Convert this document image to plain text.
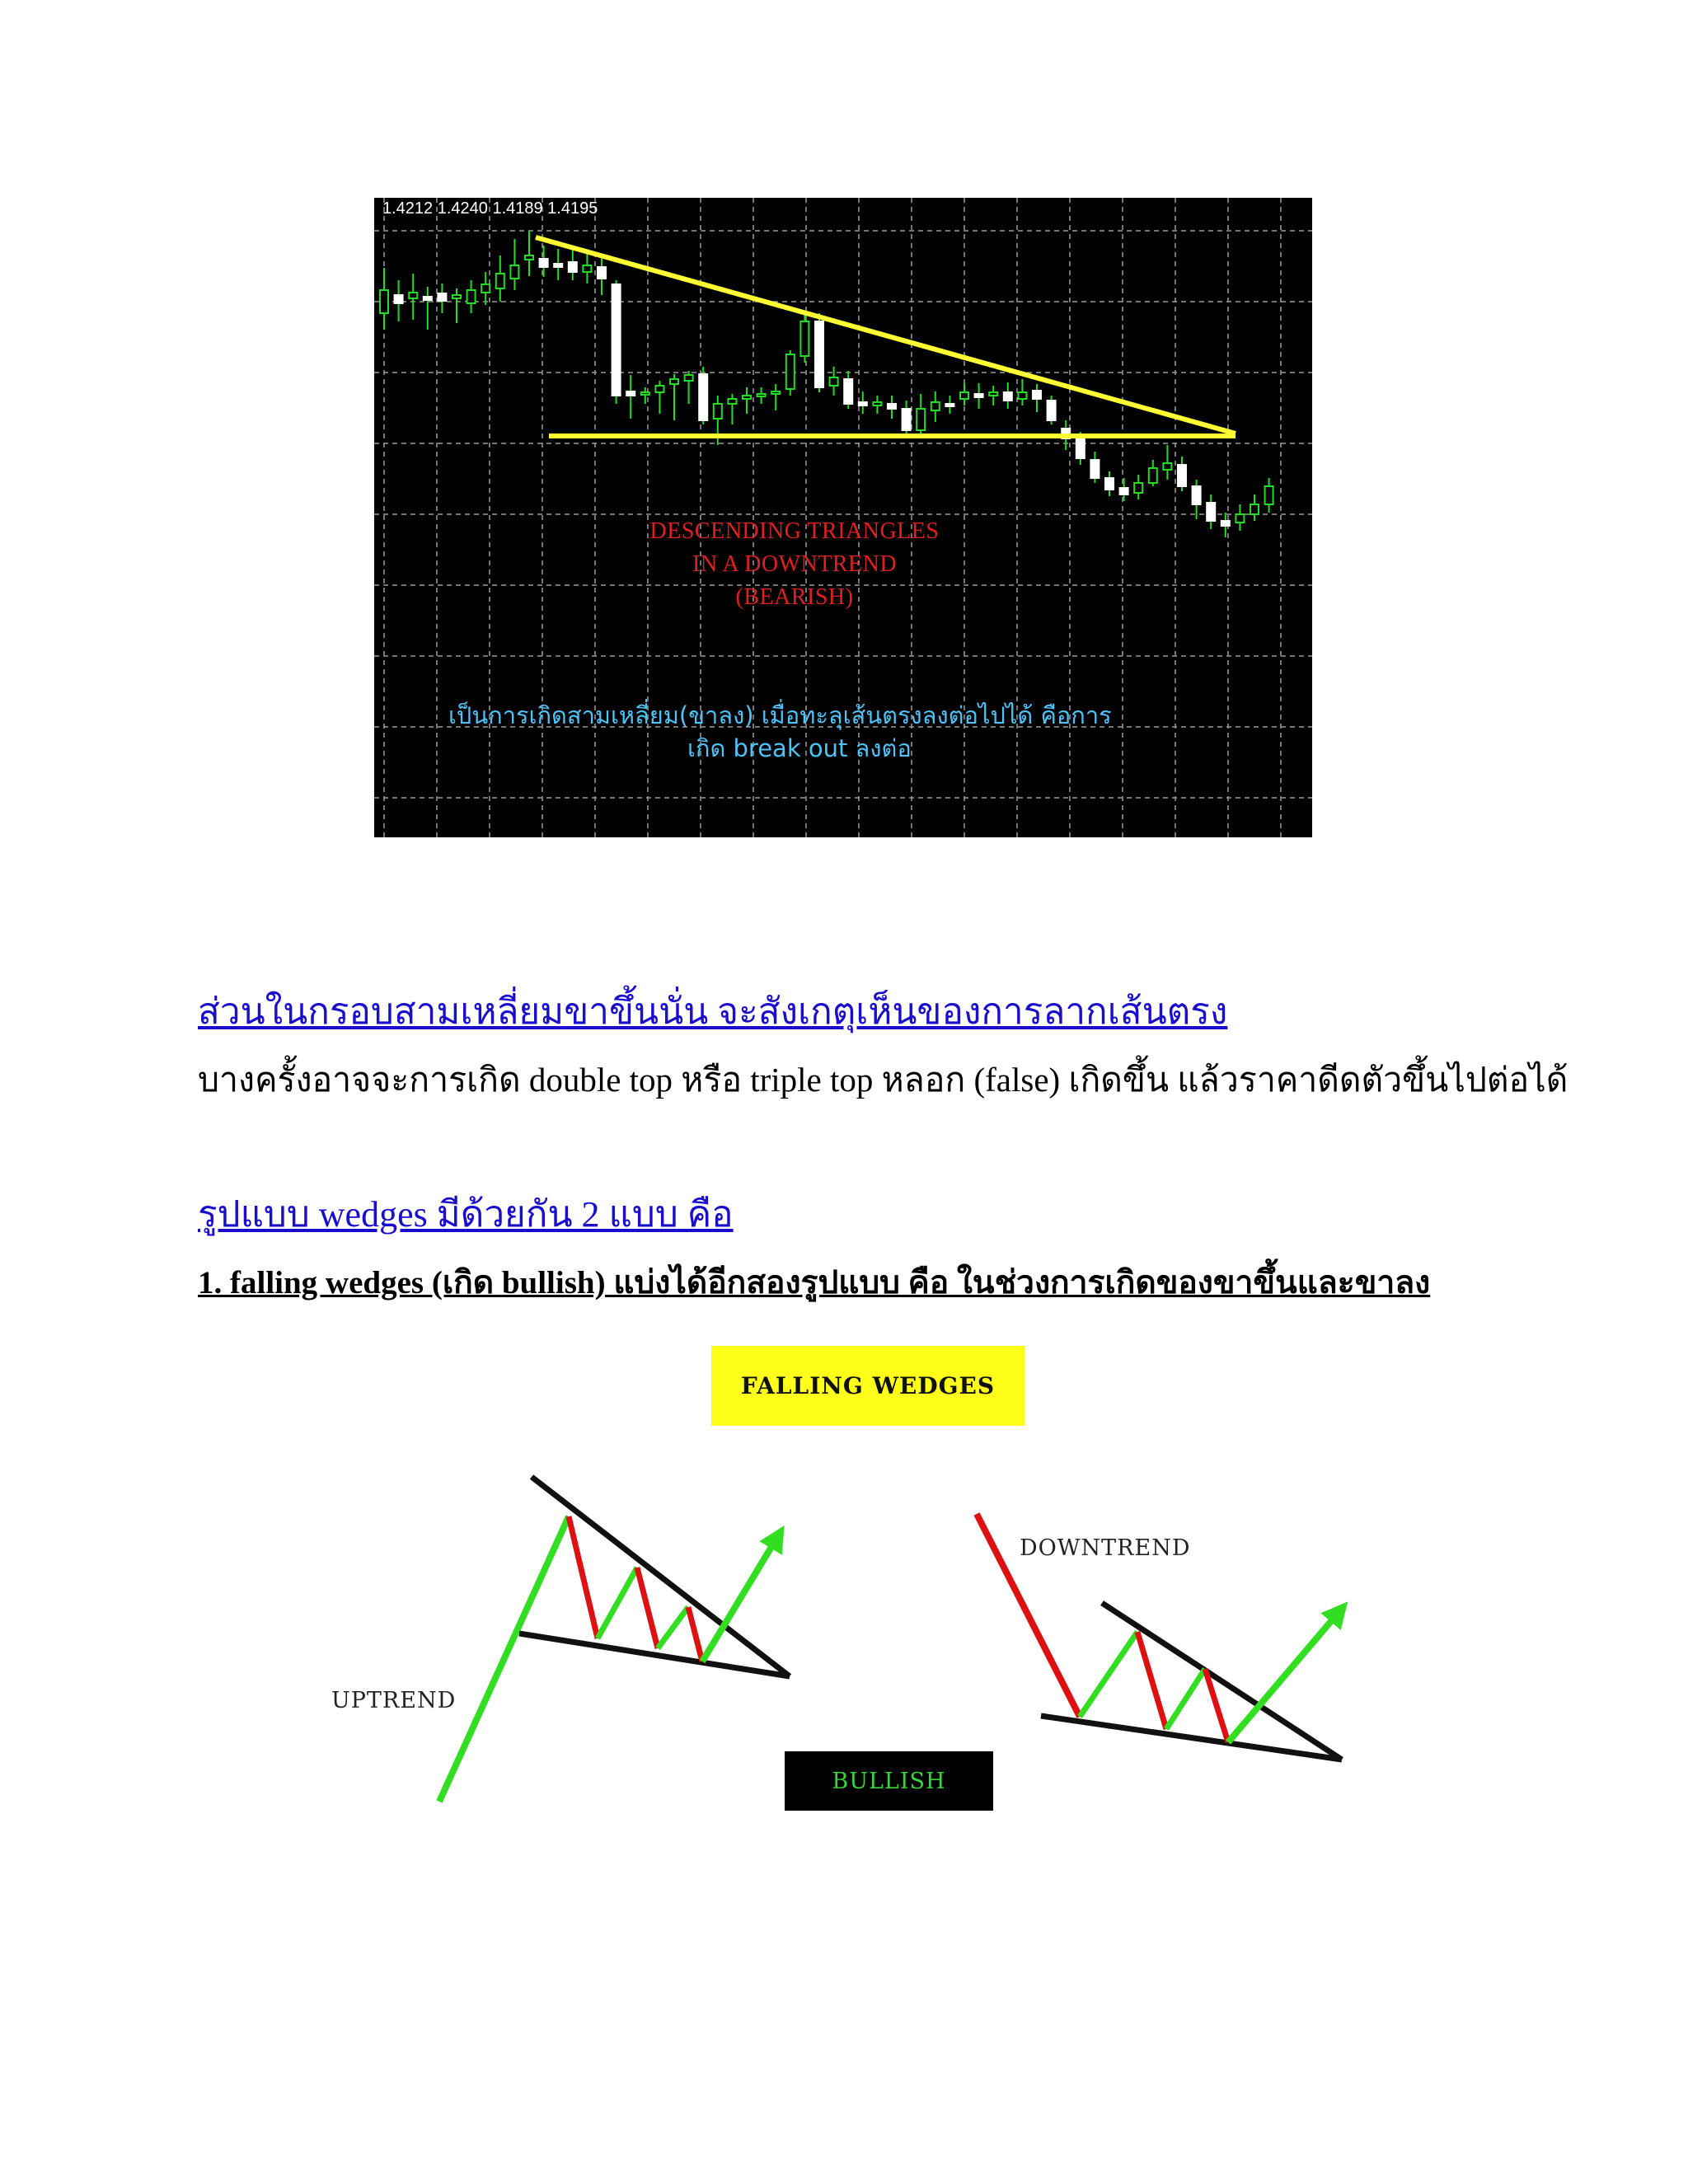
1.4212 1.4240 1.4189 1.4195
DESCENDING TRIANGLES
IN A DOWNTREND
(BEARISH)
เป็นการเกิดสามเหลี่ยม(ขาลง) เมื่อทะลุเส้นตรงลงต่อไปได้ คือการ
เกิด break out ลงต่อ
ส่วนในกรอบสามเหลี่ยมขาขึ้นนั่น จะสังเกตุเห็นของการลากเส้นตรง
บางครั้งอาจจะการเกิด double top หรือ triple top หลอก (false) เกิดขึ้น แล้วราคาดีดตัวขึ้นไปต่อได้
รูปแบบ wedges มีด้วยกัน 2 แบบ คือ
1. falling wedges (เกิด bullish) แบ่งได้อีกสองรูปแบบ คือ ในช่วงการเกิดของขาขึ้นและขาลง
FALLING WEDGES
UPTREND
DOWNTREND
BULLISH
